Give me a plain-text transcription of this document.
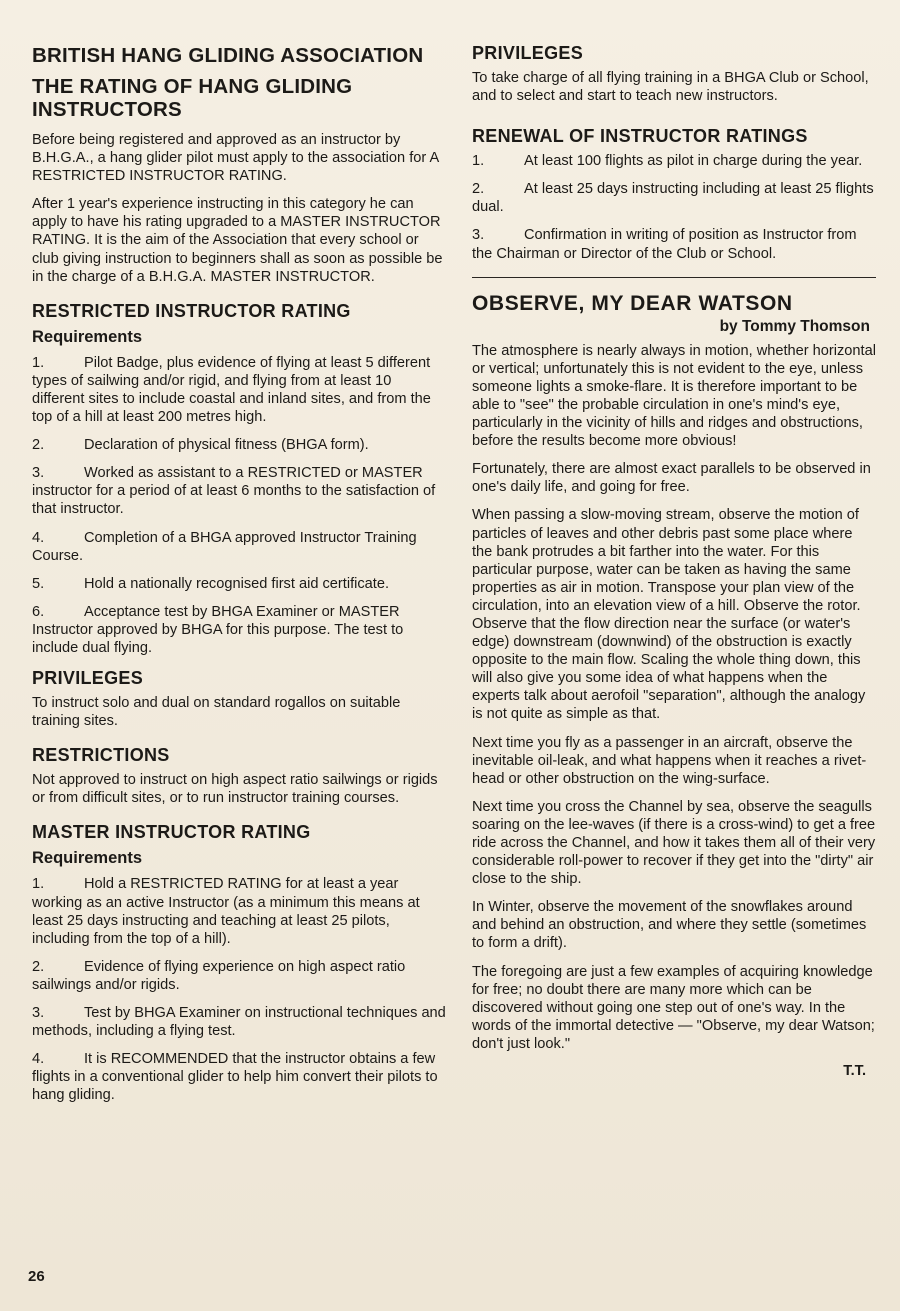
BRITISH HANG GLIDING ASSOCIATION
THE RATING OF HANG GLIDING INSTRUCTORS

Before being registered and approved as an instructor by B.H.G.A., a hang glider pilot must apply to the association for A RESTRICTED INSTRUCTOR RATING.

After 1 year's experience instructing in this category he can apply to have his rating upgraded to a MASTER INSTRUCTOR RATING. It is the aim of the Association that every school or club giving instruction to beginners shall as soon as possible be in the charge of a B.H.G.A. MASTER INSTRUCTOR.

RESTRICTED INSTRUCTOR RATING
Requirements

1.	Pilot Badge, plus evidence of flying at least 5 different types of sailwing and/or rigid, and flying from at least 10 different sites to include coastal and inland sites, and from the top of a hill at least 200 metres high.

2.	Declaration of physical fitness (BHGA form).

3.	Worked as assistant to a RESTRICTED or MASTER instructor for a period of at least 6 months to the satisfaction of that instructor.

4.	Completion of a BHGA approved Instructor Training Course.

5.	Hold a nationally recognised first aid certificate.

6.	Acceptance test by BHGA Examiner or MASTER Instructor approved by BHGA for this purpose. The test to include dual flying.

PRIVILEGES

To instruct solo and dual on standard rogallos on suitable training sites.

RESTRICTIONS

Not approved to instruct on high aspect ratio sailwings or rigids or from difficult sites, or to run instructor training courses.

MASTER INSTRUCTOR RATING
Requirements

1.	Hold a RESTRICTED RATING for at least a year working as an active Instructor (as a minimum this means at least 25 days instructing and teaching at least 25 pilots, including from the top of a hill).

2.	Evidence of flying experience on high aspect ratio sailwings and/or rigids.

3.	Test by BHGA Examiner on instructional techniques and methods, including a flying test.

4.	It is RECOMMENDED that the instructor obtains a few flights in a conventional glider to help him convert their pilots to hang gliding.

PRIVILEGES

To take charge of all flying training in a BHGA Club or School, and to select and start to teach new instructors.

RENEWAL OF INSTRUCTOR RATINGS

1.	At least 100 flights as pilot in charge during the year.

2.	At least 25 days instructing including at least 25 flights dual.

3.	Confirmation in writing of position as Instructor from the Chairman or Director of the Club or School.

OBSERVE, MY DEAR WATSON
by Tommy Thomson

The atmosphere is nearly always in motion, whether horizontal or vertical; unfortunately this is not evident to the eye, unless someone lights a smoke-flare. It is therefore important to be able to "see" the probable circulation in one's mind's eye, particularly in the vicinity of hills and ridges and obstructions, before the results become more obvious!

Fortunately, there are almost exact parallels to be observed in one's daily life, and going for free.

When passing a slow-moving stream, observe the motion of particles of leaves and other debris past some place where the bank protrudes a bit farther into the water. For this particular purpose, water can be taken as having the same properties as air in motion. Transpose your plan view of the circulation, into an elevation view of a hill. Observe the rotor. Observe that the flow direction near the surface (or water's edge) downstream (downwind) of the obstruction is exactly opposite to the main flow. Scaling the whole thing down, this will also give you some idea of what happens when the experts talk about aerofoil "separation", although the analogy is not quite as simple as that.

Next time you fly as a passenger in an aircraft, observe the inevitable oil-leak, and what happens when it reaches a rivet-head or other obstruction on the wing-surface.

Next time you cross the Channel by sea, observe the seagulls soaring on the lee-waves (if there is a cross-wind) to get a free ride across the Channel, and how it takes them all of their very considerable roll-power to recover if they get into the "dirty" air close to the ship.

In Winter, observe the movement of the snowflakes around and behind an obstruction, and where they settle (sometimes to form a drift).

The foregoing are just a few examples of acquiring knowledge for free; no doubt there are many more which can be discovered without going one step out of one's way. In the words of the immortal detective — "Observe, my dear Watson; don't just look."

T.T.
26
